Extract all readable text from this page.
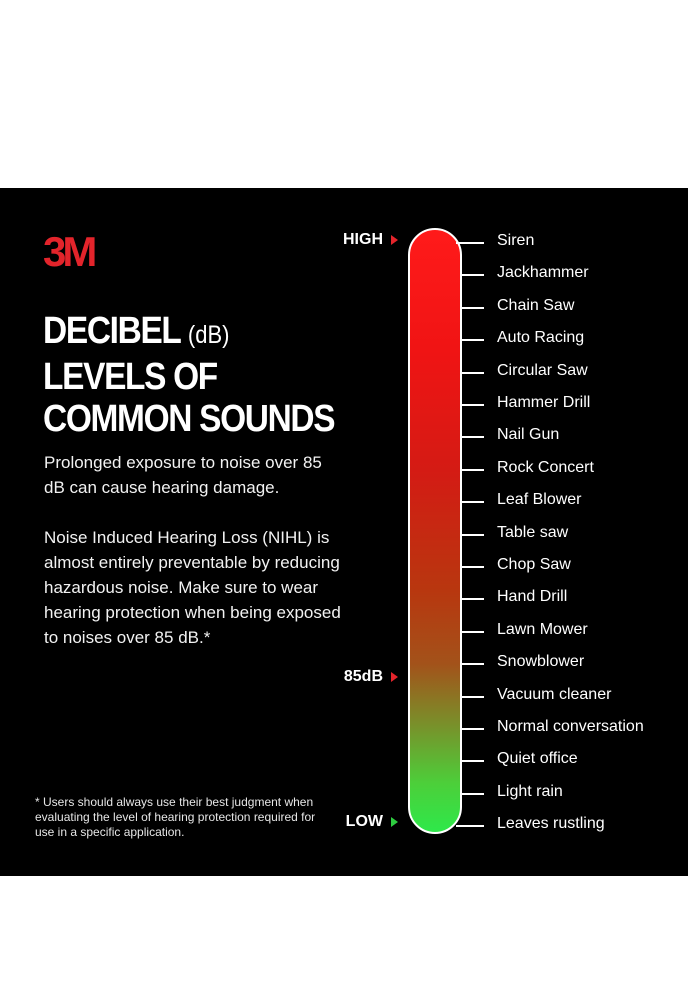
3M
DECIBEL (dB)
LEVELS OF
COMMON SOUNDS

Prolonged exposure to noise over 85 dB can cause hearing damage.

Noise Induced Hearing Loss (NIHL) is almost entirely preventable by reducing hazardous noise. Make sure to wear hearing protection when being exposed to noises over 85 dB.*

* Users should always use their best judgment when evaluating the level of hearing protection required for use in a specific application.

HIGH
85dB
LOW
Siren
Jackhammer
Chain Saw
Auto Racing
Circular Saw
Hammer Drill
Nail Gun
Rock Concert
Leaf Blower
Table saw
Chop Saw
Hand Drill
Lawn Mower
Snowblower
Vacuum cleaner
Normal conversation
Quiet office
Light rain
Leaves rustling
